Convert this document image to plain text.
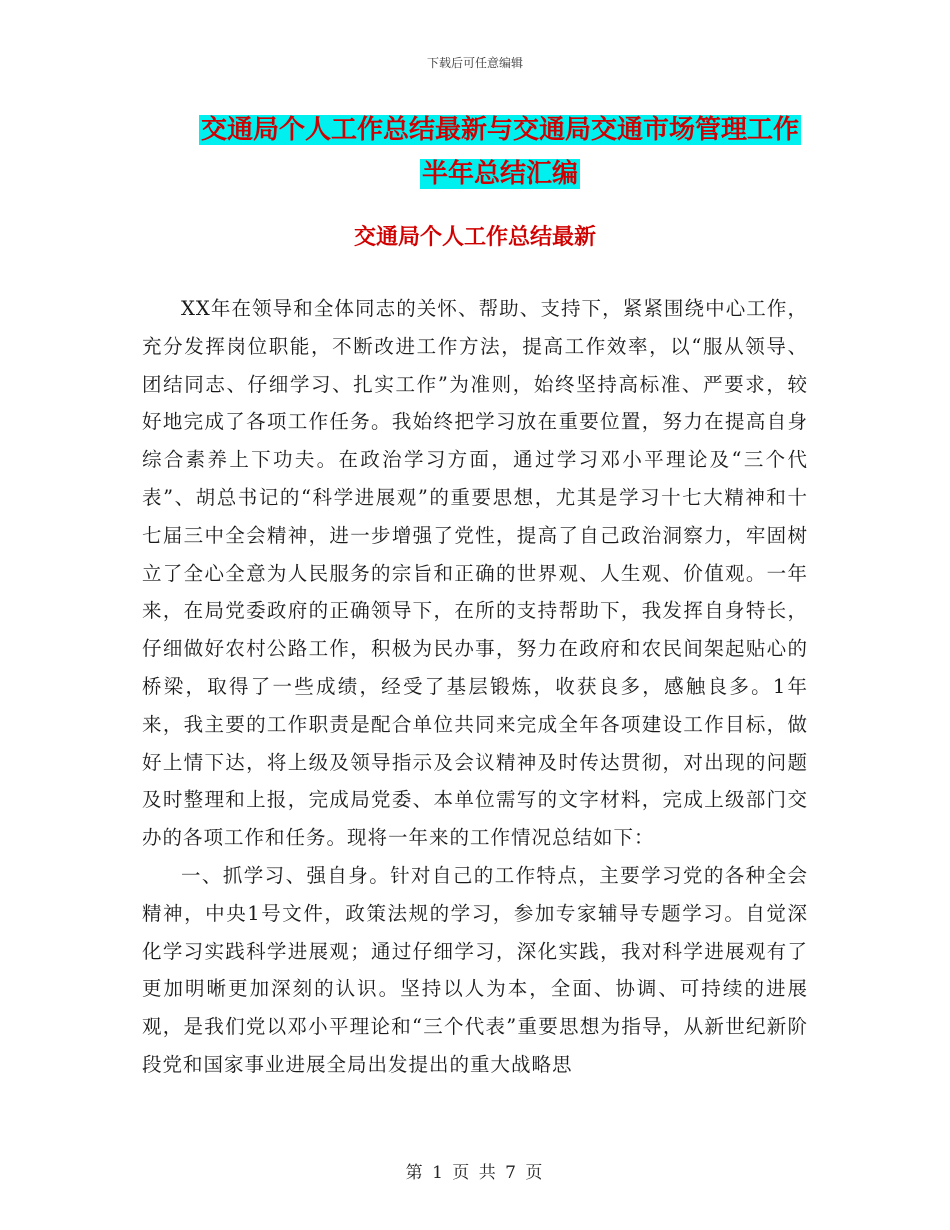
下载后可任意编辑
交通局个人工作总结最新与交通局交通市场管理工作
半年总结汇编
交通局个人工作总结最新

XX年在领导和全体同志的关怀、帮助、支持下，紧紧围绕中心工作，充分发挥岗位职能，不断改进工作方法，提高工作效率，以“服从领导、团结同志、仔细学习、扎实工作”为准则，始终坚持高标准、严要求，较好地完成了各项工作任务。我始终把学习放在重要位置，努力在提高自身综合素养上下功夫。在政治学习方面，通过学习邓小平理论及“三个代表”、胡总书记的“科学进展观”的重要思想，尤其是学习十七大精神和十七届三中全会精神，进一步增强了党性，提高了自己政治洞察力，牢固树立了全心全意为人民服务的宗旨和正确的世界观、人生观、价值观。一年来，在局党委政府的正确领导下，在所的支持帮助下，我发挥自身特长，仔细做好农村公路工作，积极为民办事，努力在政府和农民间架起贴心的桥梁，取得了一些成绩，经受了基层锻炼，收获良多，感触良多。1年来，我主要的工作职责是配合单位共同来完成全年各项建设工作目标，做好上情下达，将上级及领导指示及会议精神及时传达贯彻，对出现的问题及时整理和上报，完成局党委、本单位需写的文字材料，完成上级部门交办的各项工作和任务。现将一年来的工作情况总结如下：

一、抓学习、强自身。针对自己的工作特点，主要学习党的各种全会精神，中央1号文件，政策法规的学习，参加专家辅导专题学习。自觉深化学习实践科学进展观；通过仔细学习，深化实践，我对科学进展观有了更加明晰更加深刻的认识。坚持以人为本，全面、协调、可持续的进展观，是我们党以邓小平理论和“三个代表”重要思想为指导，从新世纪新阶段党和国家事业进展全局出发提出的重大战略思

第 1 页 共 7 页
